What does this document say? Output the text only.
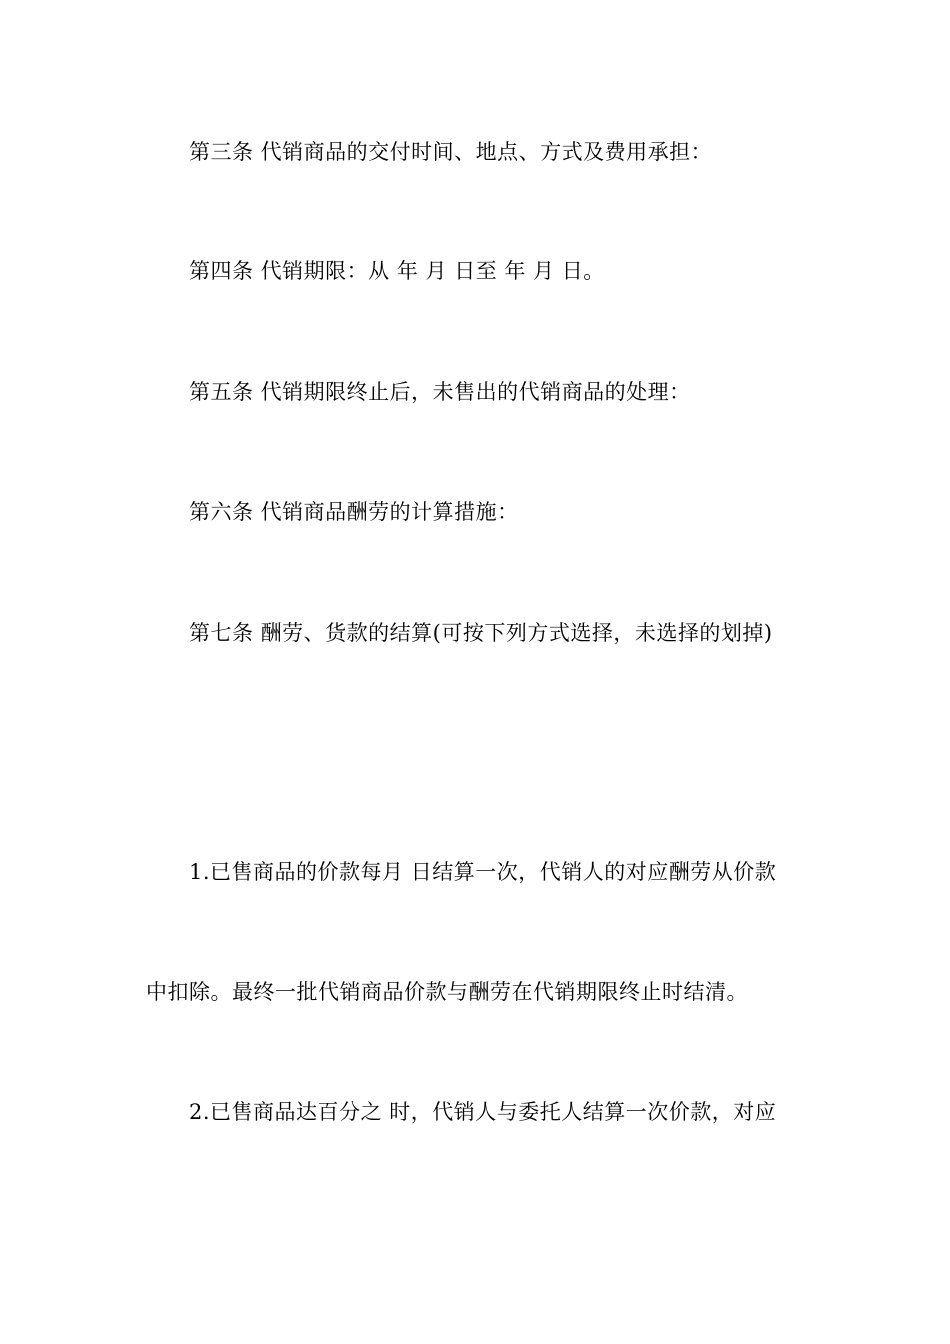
第三条 代销商品的交付时间、地点、方式及费用承担：
第四条 代销期限：从 年 月 日至 年 月 日。
第五条 代销期限终止后，未售出的代销商品的处理：
第六条 代销商品酬劳的计算措施：
第七条 酬劳、货款的结算(可按下列方式选择，未选择的划掉)
1.已售商品的价款每月 日结算一次，代销人的对应酬劳从价款
中扣除。最终一批代销商品价款与酬劳在代销期限终止时结清。
2.已售商品达百分之 时，代销人与委托人结算一次价款，对应
